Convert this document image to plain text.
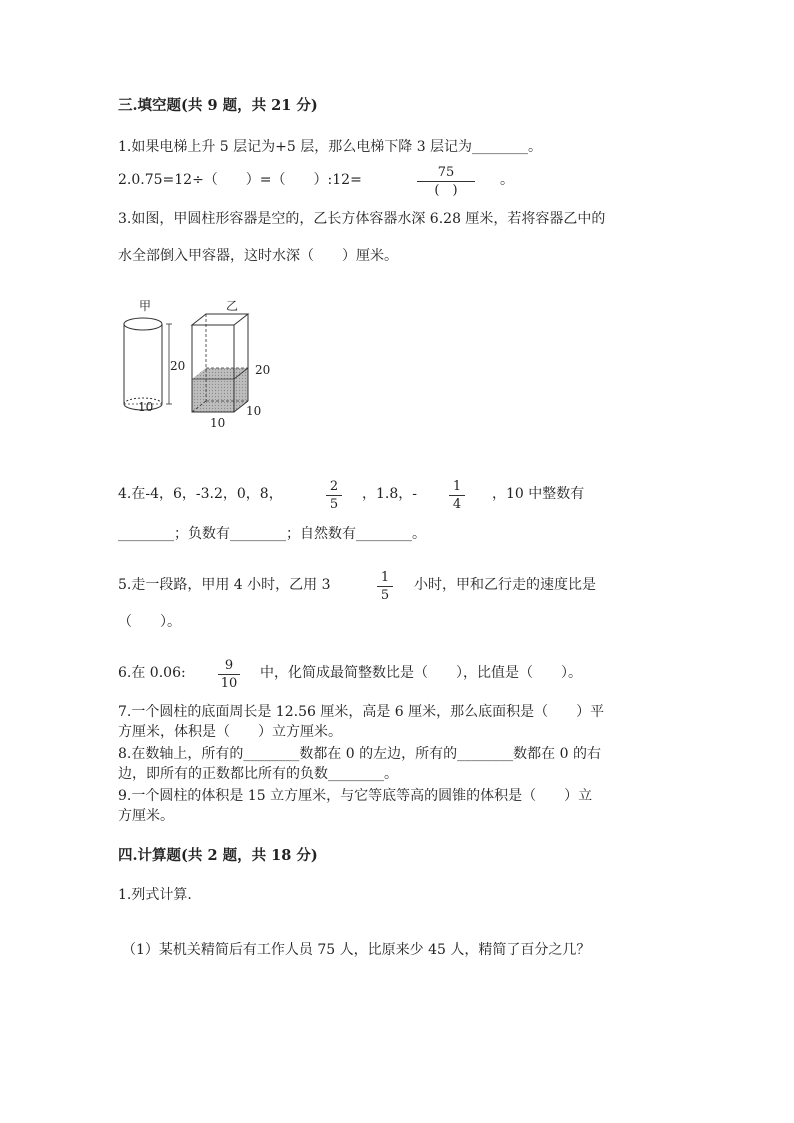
三.填空题(共 9 题，共 21 分)
1.如果电梯上升 5 层记为+5 层，那么电梯下降 3 层记为________。
2.0.75=12÷（　　）=（　　）:12=	75
(　)
。
3.如图，甲圆柱形容器是空的，乙长方体容器水深 6.28 厘米，若将容器乙中的
水全部倒入甲容器，这时水深（　　）厘米。
甲
20
10
乙
20
10
10
4.在-4，6，-3.2，0，8，	$\frac{2}{5}$ ，1.8，- $\frac{1}{4}$ ，10 中整数有
________；负数有________；自然数有________。
5.走一段路，甲用 4 小时，乙用 3	$\frac{1}{5}$ 小时，甲和乙行走的速度比是
（　　）。
6.在 0.06: $\frac{9}{10}$ 中，化简成最简整数比是（　　），比值是（　　）。
7.一个圆柱的底面周长是 12.56 厘米，高是 6 厘米，那么底面积是（　　）平
方厘米，体积是（　　）立方厘米。
8.在数轴上，所有的________数都在 0 的左边，所有的________数都在 0 的右
边，即所有的正数都比所有的负数________。
9.一个圆柱的体积是 15 立方厘米，与它等底等高的圆锥的体积是（　　）立
方厘米。
四.计算题(共 2 题，共 18 分)
1.列式计算.
（1）某机关精简后有工作人员 75 人，比原来少 45 人，精简了百分之几？
